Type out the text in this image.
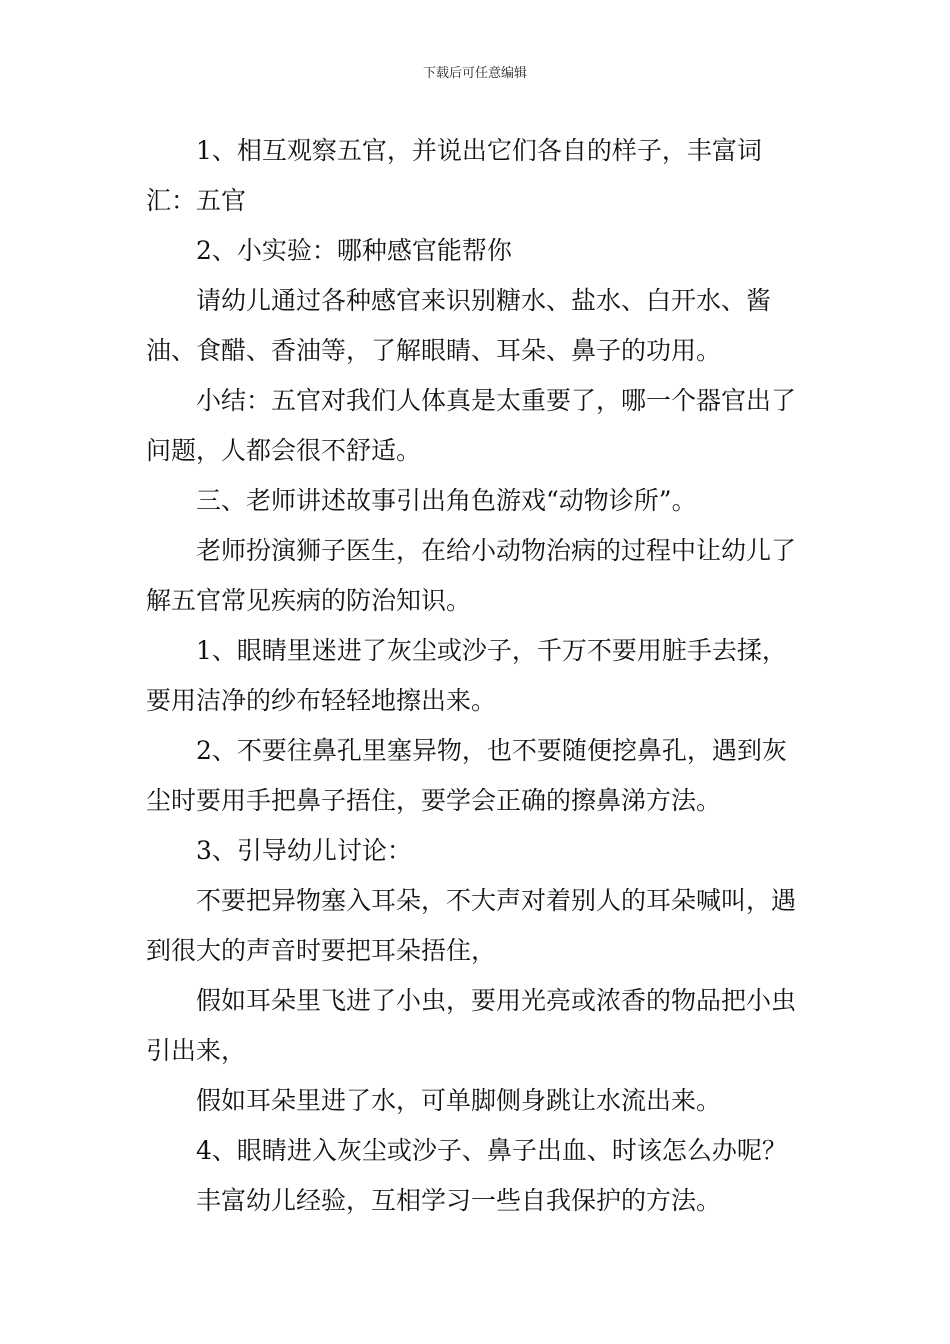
下载后可任意编辑

1、相互观察五官，并说出它们各自的样子，丰富词汇：五官

2、小实验：哪种感官能帮你

请幼儿通过各种感官来识别糖水、盐水、白开水、酱油、食醋、香油等，了解眼睛、耳朵、鼻子的功用。

小结：五官对我们人体真是太重要了，哪一个器官出了问题，人都会很不舒适。

三、老师讲述故事引出角色游戏“动物诊所”。

老师扮演狮子医生，在给小动物治病的过程中让幼儿了解五官常见疾病的防治知识。

1、眼睛里迷进了灰尘或沙子，千万不要用脏手去揉，要用洁净的纱布轻轻地擦出来。

2、不要往鼻孔里塞异物，也不要随便挖鼻孔，遇到灰尘时要用手把鼻子捂住，要学会正确的擦鼻涕方法。

3、引导幼儿讨论：

不要把异物塞入耳朵，不大声对着别人的耳朵喊叫，遇到很大的声音时要把耳朵捂住，

假如耳朵里飞进了小虫，要用光亮或浓香的物品把小虫引出来，

假如耳朵里进了水，可单脚侧身跳让水流出来。

4、眼睛进入灰尘或沙子、鼻子出血、时该怎么办呢？

丰富幼儿经验，互相学习一些自我保护的方法。
